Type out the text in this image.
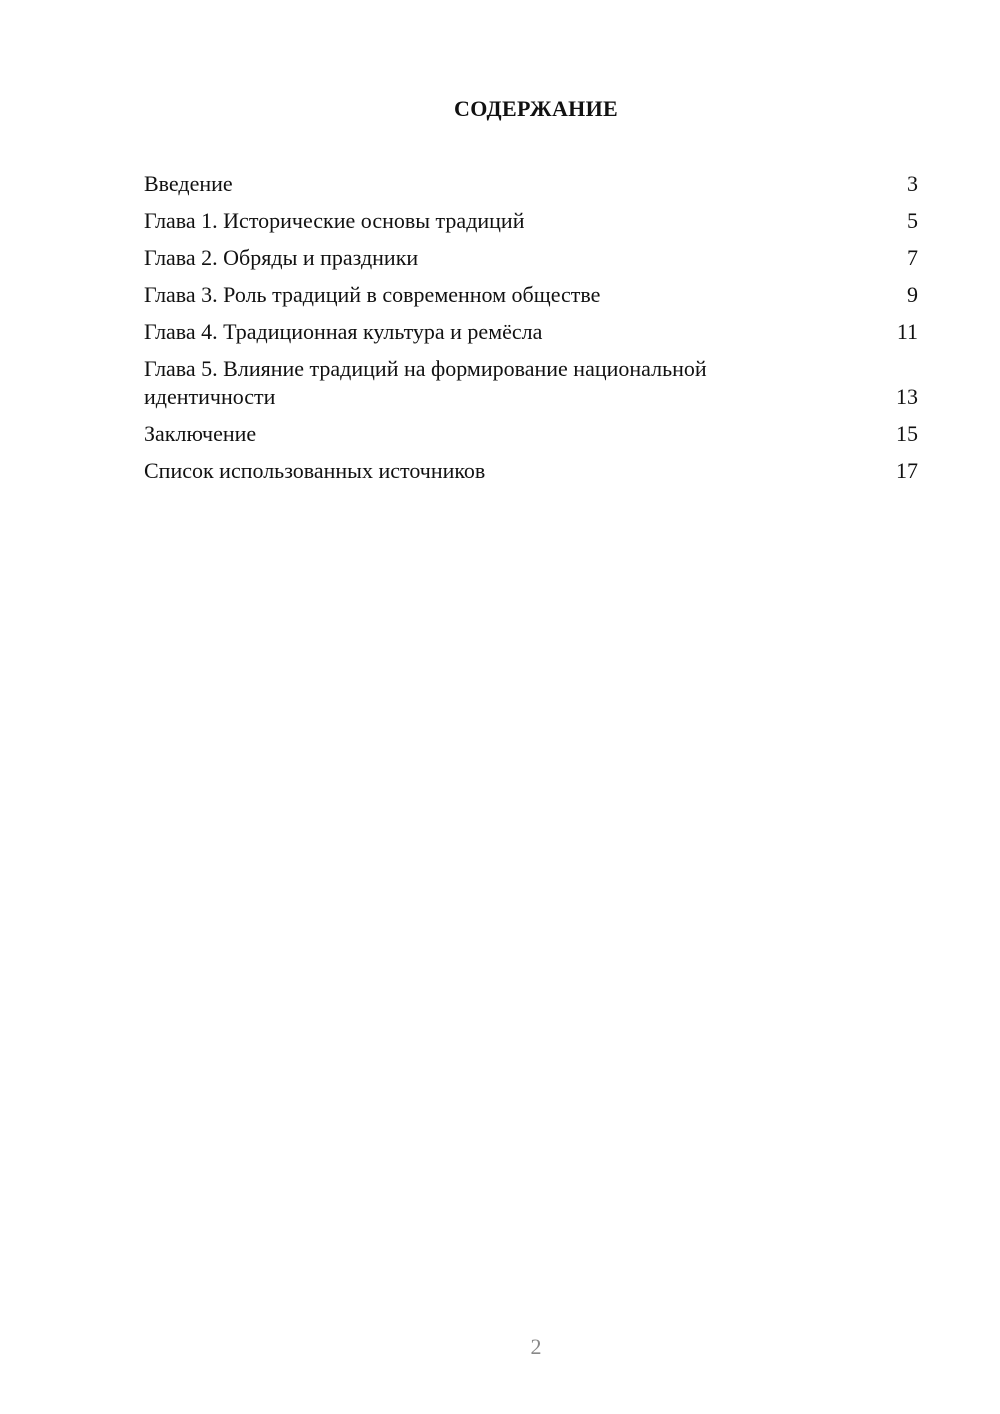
СОДЕРЖАНИЕ
Введение	3
Глава 1. Исторические основы традиций	5
Глава 2. Обряды и праздники	7
Глава 3. Роль традиций в современном обществе	9
Глава 4. Традиционная культура и ремёсла	11
Глава 5. Влияние традиций на формирование национальной идентичности	13
Заключение	15
Список использованных источников	17
2
